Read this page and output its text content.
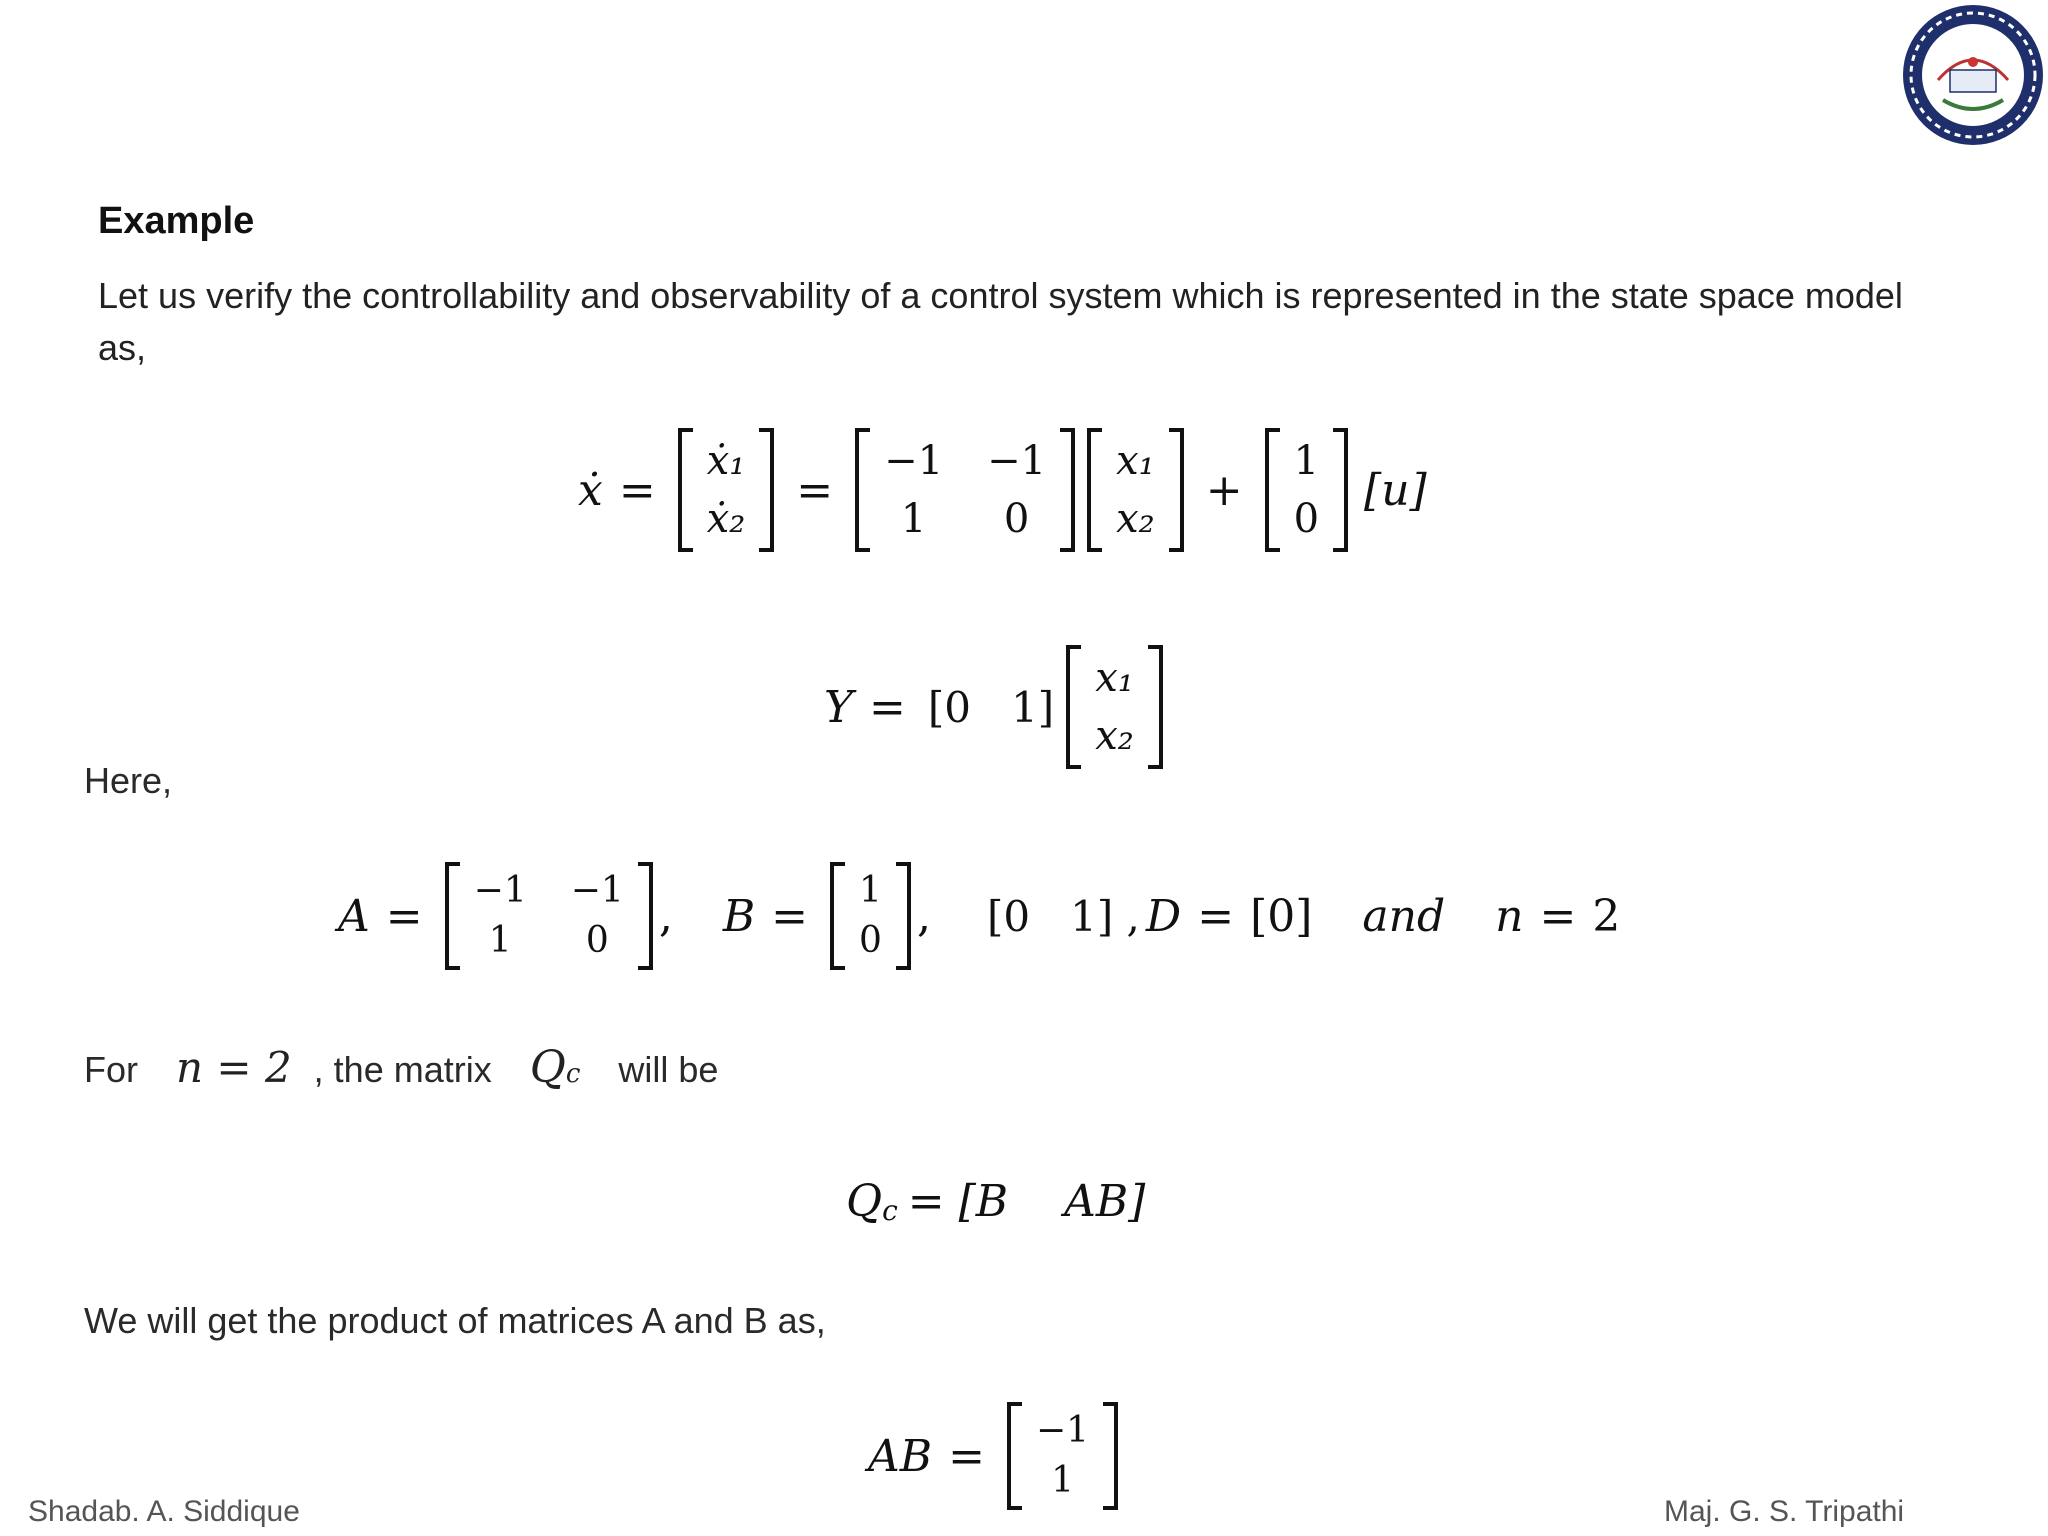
Example
Let us verify the controllability and observability of a control system which is represented in the state space model as,
ẋ =
ẋ₁
ẋ₂
=
−1
1
−1
0
x₁
x₂
+
1
0
[u]
Y = [0   1]
x₁
x₂
Here,
A = −1
1
−1
0 , B = 1
0 , [0   1] , D = [0] and n = 2
For n = 2 , the matrix Q c will be
Q c = [B    AB]
We will get the product of matrices A and B as,
AB = −1
1
Shadab. A. Siddique	Maj. G. S. Tripathi
